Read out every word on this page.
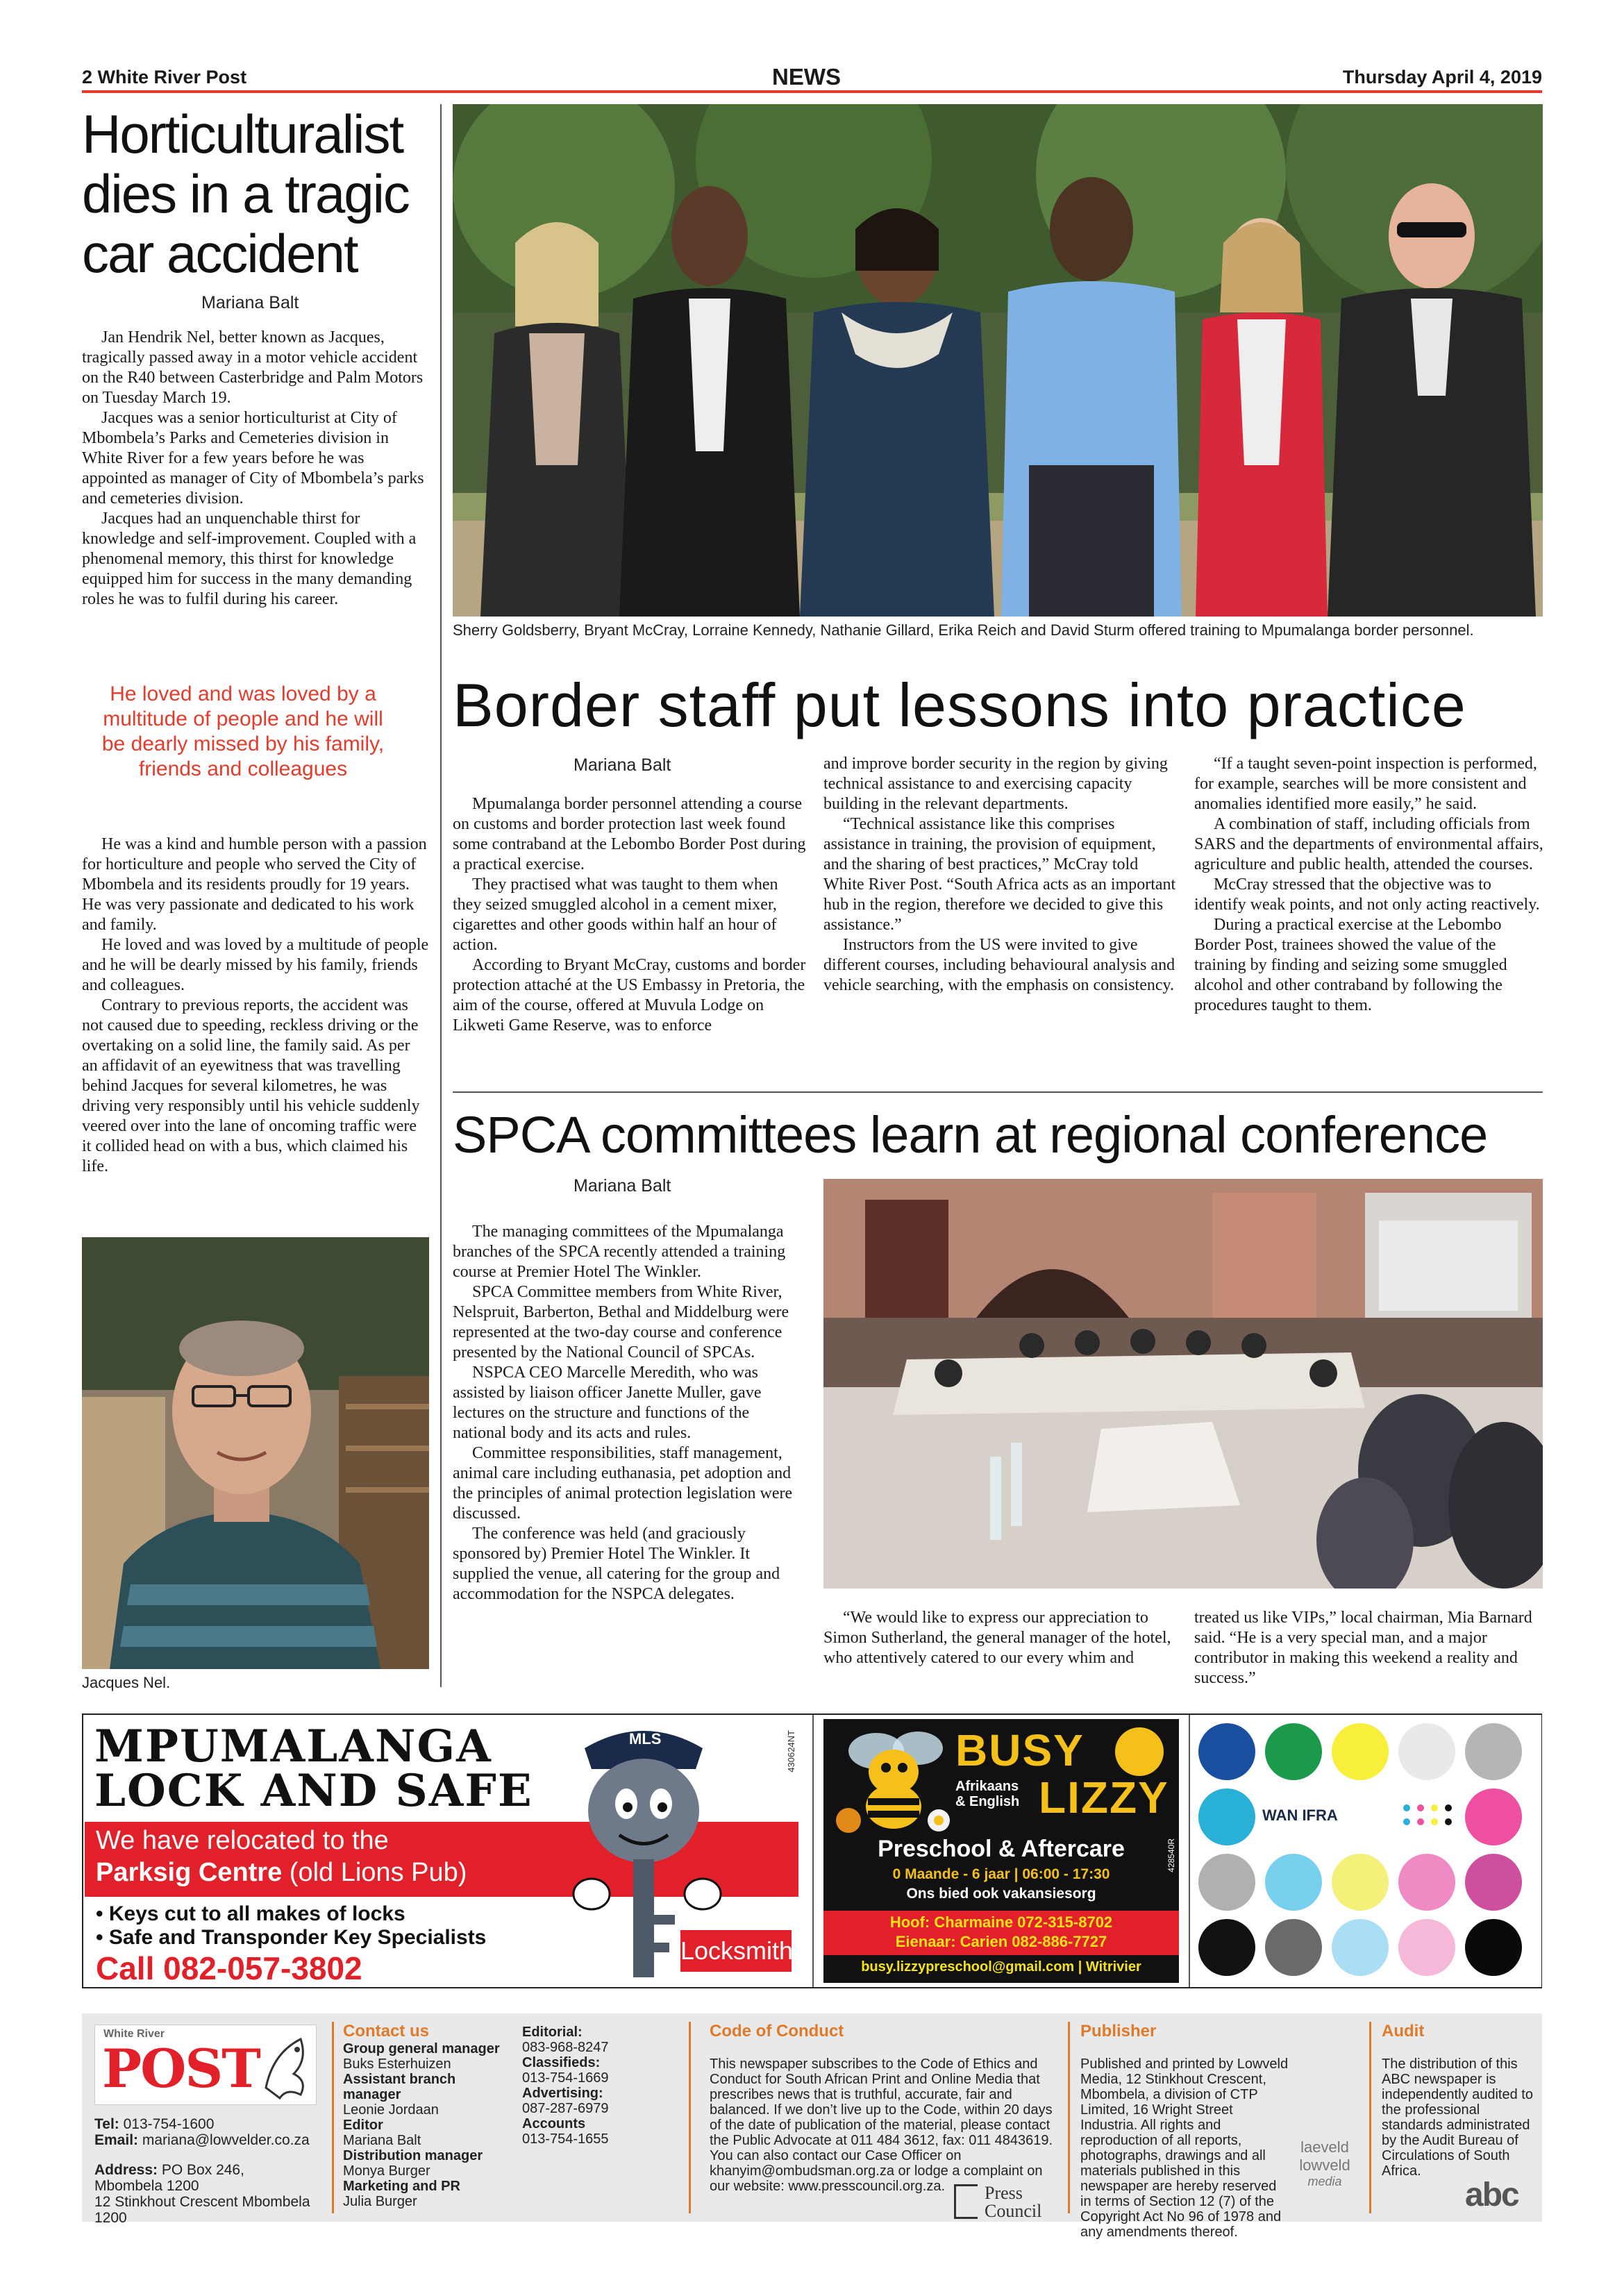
2 White River Post	NEWS	Thursday April 4, 2019
Horticulturalist dies in a tragic car accident
Mariana Balt

Jan Hendrik Nel, better known as Jacques, tragically passed away in a motor vehicle accident on the R40 between Casterbridge and Palm Motors on Tuesday March 19.

Jacques was a senior horticulturist at City of Mbombela’s Parks and Cemeteries division in White River for a few years before he was appointed as manager of City of Mbombela’s parks and cemeteries division.

Jacques had an unquenchable thirst for knowledge and self-improvement. Coupled with a phenomenal memory, this thirst for knowledge equipped him for success in the many demanding roles he was to fulfil during his career.

He loved and was loved by a multitude of people and he will be dearly missed by his family, friends and colleagues

He was a kind and humble person with a passion for horticulture and people who served the City of Mbombela and its residents proudly for 19 years. He was very passionate and dedicated to his work and family.

He loved and was loved by a multitude of people and he will be dearly missed by his family, friends and colleagues.

Contrary to previous reports, the accident was not caused due to speeding, reckless driving or the overtaking on a solid line, the family said. As per an affidavit of an eyewitness that was travelling behind Jacques for several kilometres, he was driving very responsibly until his vehicle suddenly veered over into the lane of oncoming traffic were it collided head on with a bus, which claimed his life.

Jacques Nel.
Sherry Goldsberry, Bryant McCray, Lorraine Kennedy, Nathanie Gillard, Erika Reich and David Sturm offered training to Mpumalanga border personnel.
Border staff put lessons into practice
Mariana Balt

Mpumalanga border personnel attending a course on customs and border protection last week found some contraband at the Lebombo Border Post during a practical exercise.

They practised what was taught to them when they seized smuggled alcohol in a cement mixer, cigarettes and other goods within half an hour of action.

According to Bryant McCray, customs and border protection attaché at the US Embassy in Pretoria, the aim of the course, offered at Muvula Lodge on Likweti Game Reserve, was to enforce

and improve border security in the region by giving technical assistance to and exercising capacity building in the relevant departments.

“Technical assistance like this comprises assistance in training, the provision of equipment, and the sharing of best practices,” McCray told White River Post. “South Africa acts as an important hub in the region, therefore we decided to give this assistance.”

Instructors from the US were invited to give different courses, including behavioural analysis and vehicle searching, with the emphasis on consistency.

“If a taught seven-point inspection is performed, for example, searches will be more consistent and anomalies identified more easily,” he said.

A combination of staff, including officials from SARS and the departments of environmental affairs, agriculture and public health, attended the courses.

McCray stressed that the objective was to identify weak points, and not only acting reactively.

During a practical exercise at the Lebombo Border Post, trainees showed the value of the training by finding and seizing some smuggled alcohol and other contraband by following the procedures taught to them.

SPCA committees learn at regional conference
Mariana Balt

The managing committees of the Mpumalanga branches of the SPCA recently attended a training course at Premier Hotel The Winkler.

SPCA Committee members from White River, Nelspruit, Barberton, Bethal and Middelburg were represented at the two-day course and conference presented by the National Council of SPCAs.

NSPCA CEO Marcelle Meredith, who was assisted by liaison officer Janette Muller, gave lectures on the structure and functions of the national body and its acts and rules.

Committee responsibilities, staff management, animal care including euthanasia, pet adoption and the principles of animal protection legislation were discussed.

The conference was held (and graciously sponsored by) Premier Hotel The Winkler. It supplied the venue, all catering for the group and accommodation for the NSPCA delegates.

“We would like to express our appreciation to Simon Sutherland, the general manager of the hotel, who attentively catered to our every whim and

treated us like VIPs,” local chairman, Mia Barnard said. “He is a very special man, and a major contributor in making this weekend a reality and success.”

MPUMALANGA
LOCK AND SAFE
We have relocated to the
Parksig Centre (old Lions Pub)
• Keys cut to all makes of locks
• Safe and Transponder Key Specialists
Call 082-057-3802
MLS
Locksmith
430624NT	BUSY
Afrikaans
& English LIZZY
Preschool & Aftercare
0 Maande - 6 jaar | 06:00 - 17:30
Ons bied ook vakansiesorg
Hoof: Charmaine 072-315-8702
Eienaar: Carien 082-886-7727
busy.lizzypreschool@gmail.com | Witrivier
428540R
WAN IFRA
White River
POST
Tel: 013-754-1600
Email: mariana@lowvelder.co.za
Address: PO Box 246,
Mbombela 1200
12 Stinkhout Crescent Mbombela 1200
Contact us
Group general manager
Buks Esterhuizen
Assistant branch manager
Leonie Jordaan
Editor
Mariana Balt
Distribution manager
Monya Burger
Marketing and PR
Julia Burger
Editorial:
083-968-8247
Classifieds:
013-754-1669
Advertising:
087-287-6979
Accounts
013-754-1655
Code of Conduct
This newspaper subscribes to the Code of Ethics and Conduct for South African Print and Online Media that prescribes news that is truthful, accurate, fair and balanced. If we don’t live up to the Code, within 20 days of the date of publication of the material, please contact the Public Advocate at 011 484 3612, fax: 011 4843619. You can also contact our Case Officer on khanyim@ombudsman.org.za or lodge a complaint on our website: www.presscouncil.org.za.	Press
Council
Publisher
Published and printed by Lowveld Media, 12 Stinkhout Crescent, Mbombela, a division of CTP Limited, 16 Wright Street Industria. All rights and reproduction of all reports, photographs, drawings and all materials published in this newspaper are hereby reserved in terms of Section 12 (7) of the Copyright Act No 96 of 1978 and any amendments thereof.
laeveld
lowveld
media
Audit
The distribution of this ABC newspaper is independently audited to the professional standards administrated by the Audit Bureau of Circulations of South Africa.
abc
